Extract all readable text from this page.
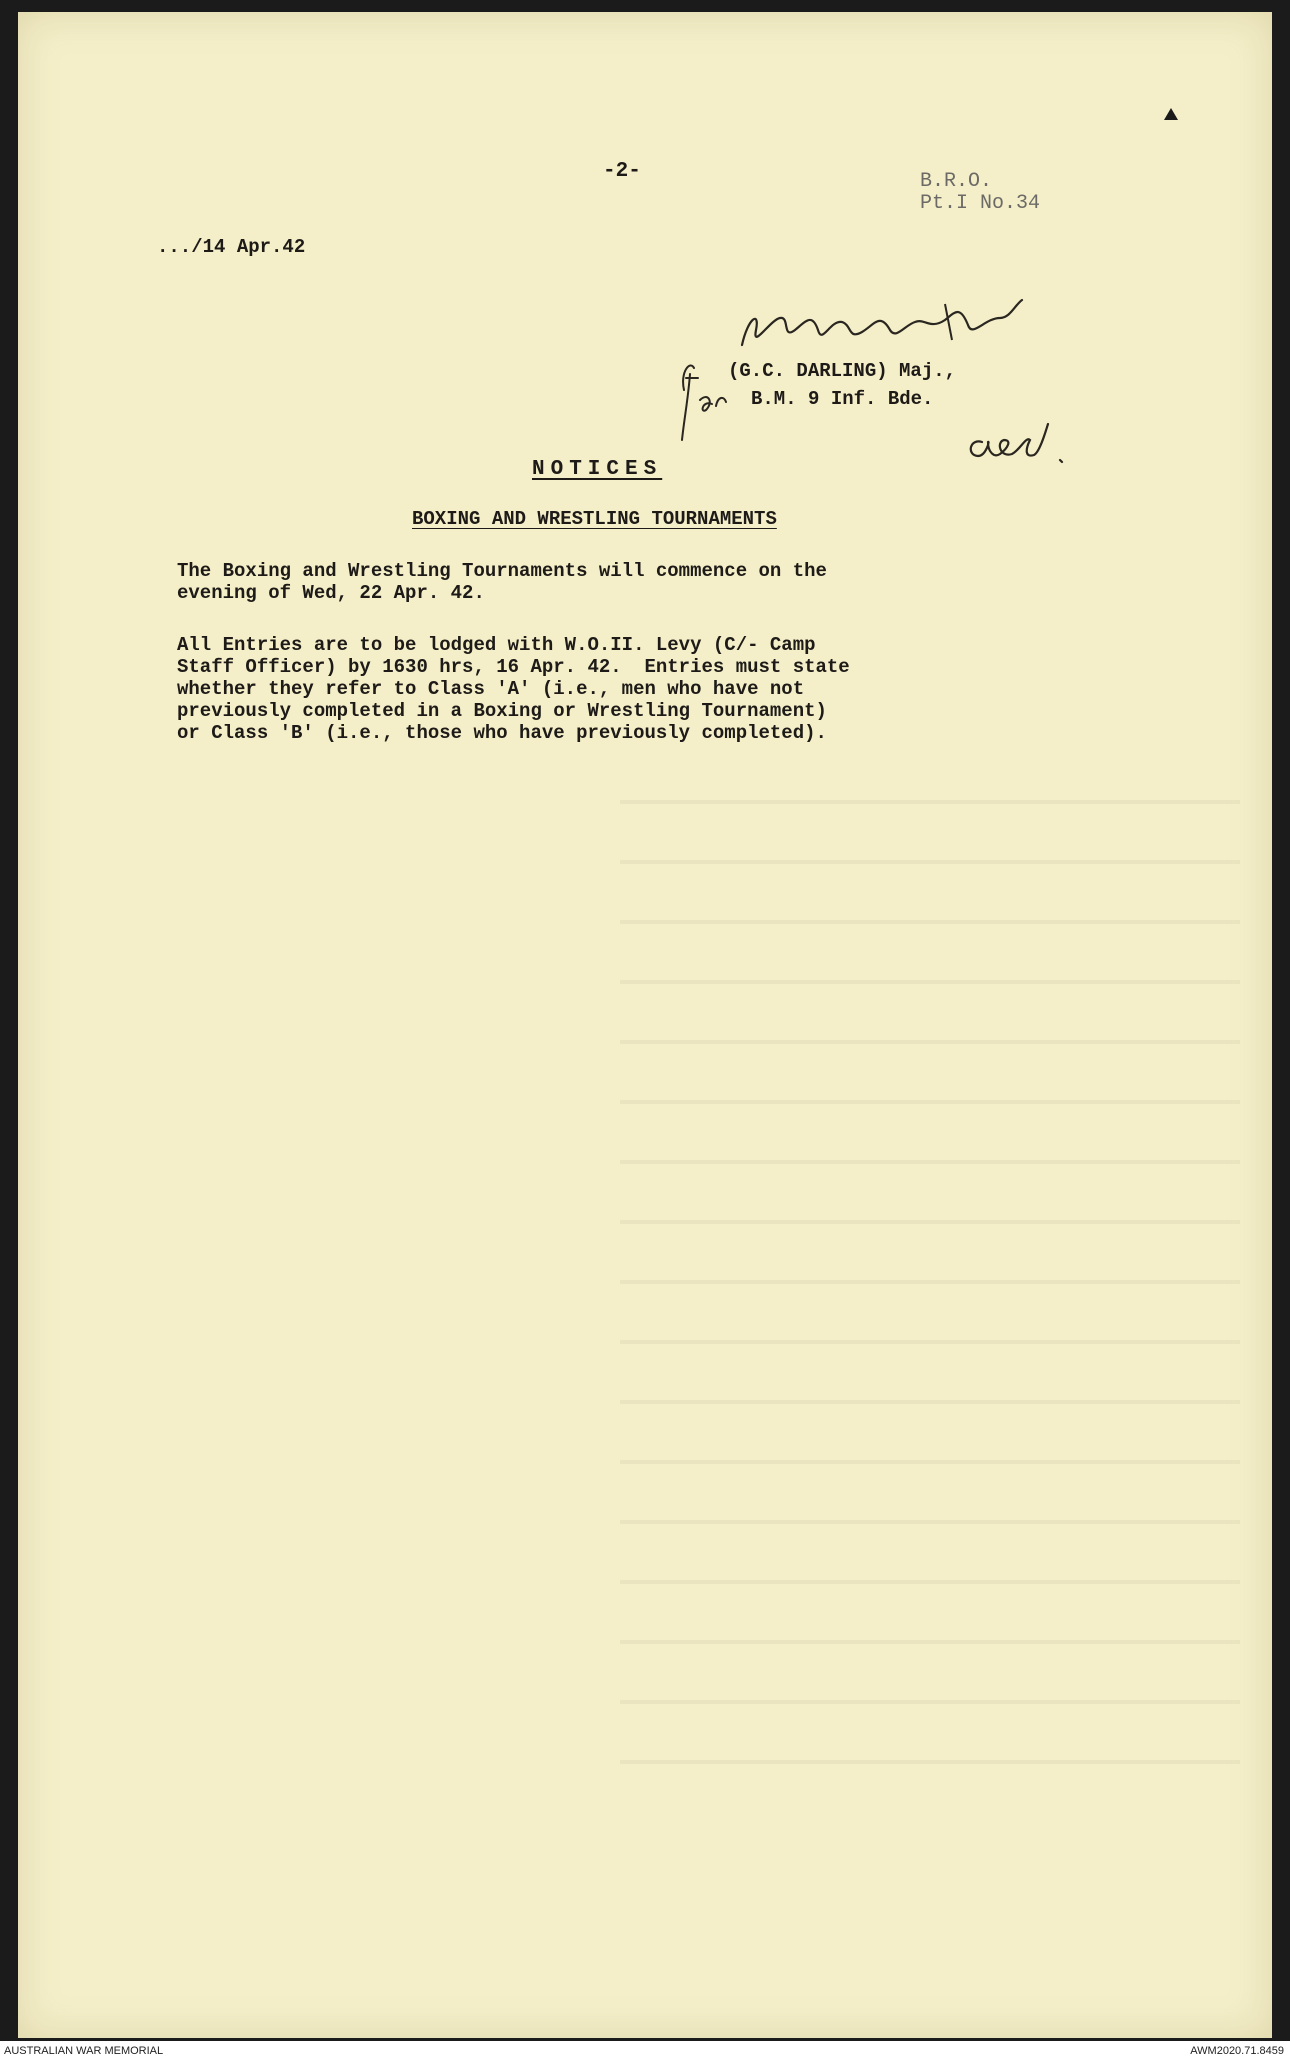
-2-	B.R.O.
Pt.I No.34
.../14 Apr.42
(G.C. DARLING) Maj.,
B.M. 9 Inf. Bde.
NOTICES
BOXING AND WRESTLING TOURNAMENTS
The Boxing and Wrestling Tournaments will commence on the
evening of Wed, 22 Apr. 42.
All Entries are to be lodged with W.O.II. Levy (C/- Camp
Staff Officer) by 1630 hrs, 16 Apr. 42.  Entries must state
whether they refer to Class 'A' (i.e., men who have not
previously completed in a Boxing or Wrestling Tournament)
or Class 'B' (i.e., those who have previously completed).
AUSTRALIAN WAR MEMORIAL	AWM2020.71.8459
